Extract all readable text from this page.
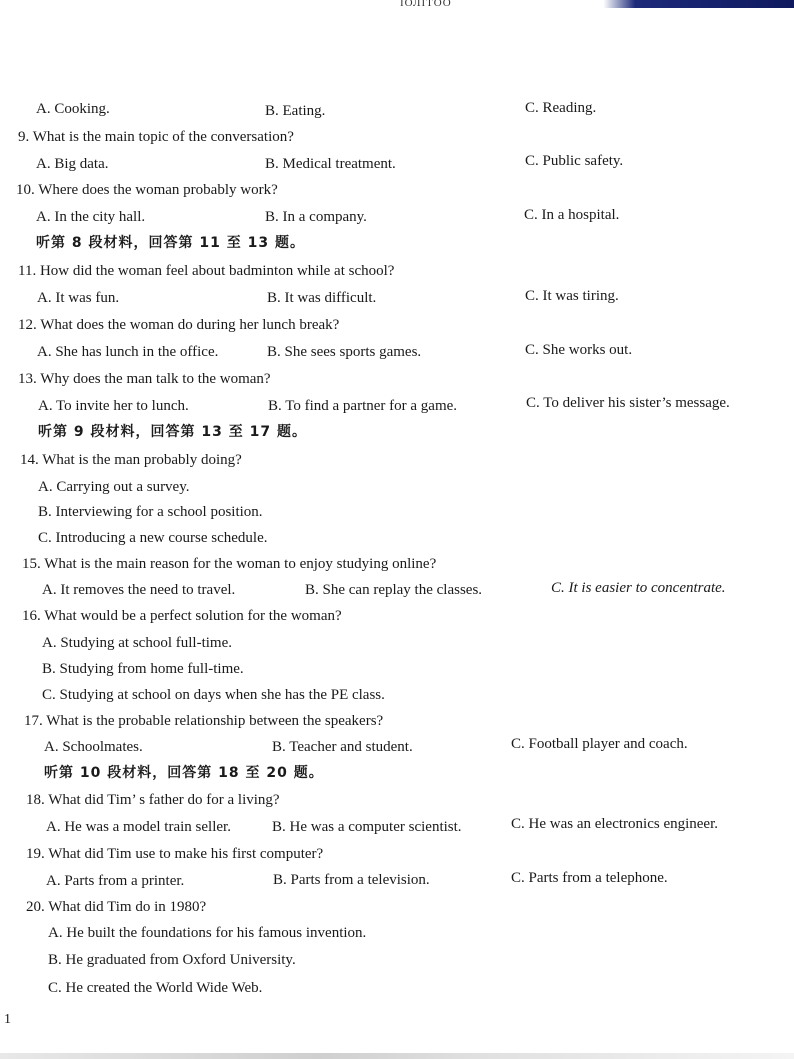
ІОЛІТОО
A. Cooking.	B. Eating.	C. Reading.
9. What is the main topic of the conversation?
A. Big data.	B. Medical treatment.	C. Public safety.
10. Where does the woman probably work?
A. In the city hall.	B. In a company.	C. In a hospital.
听第 8 段材料，回答第 11 至 13 题。
11. How did the woman feel about badminton while at school?
A. It was fun.	B. It was difficult.	C. It was tiring.
12. What does the woman do during her lunch break?
A. She has lunch in the office.	B. She sees sports games.	C. She works out.
13. Why does the man talk to the woman?
A. To invite her to lunch.	B. To find a partner for a game.	C. To deliver his sister’s message.
听第 9 段材料，回答第 13 至 17 题。
14. What is the man probably doing?
A. Carrying out a survey.
B. Interviewing for a school position.
C. Introducing a new course schedule.
15. What is the main reason for the woman to enjoy studying online?
A. It removes the need to travel.	B. She can replay the classes.	C. It is easier to concentrate.
16. What would be a perfect solution for the woman?
A. Studying at school full-time.
B. Studying from home full-time.
C. Studying at school on days when she has the PE class.
17. What is the probable relationship between the speakers?
A. Schoolmates.	B. Teacher and student.	C. Football player and coach.
听第 10 段材料，回答第 18 至 20 题。
18. What did Tim’ s father do for a living?
A. He was a model train seller.	B. He was a computer scientist.	C. He was an electronics engineer.
19. What did Tim use to make his first computer?
A. Parts from a printer.	B. Parts from a television.	C. Parts from a telephone.
20. What did Tim do in 1980?
A. He built the foundations for his famous invention.
B. He graduated from Oxford University.
C. He created the World Wide Web.
1
